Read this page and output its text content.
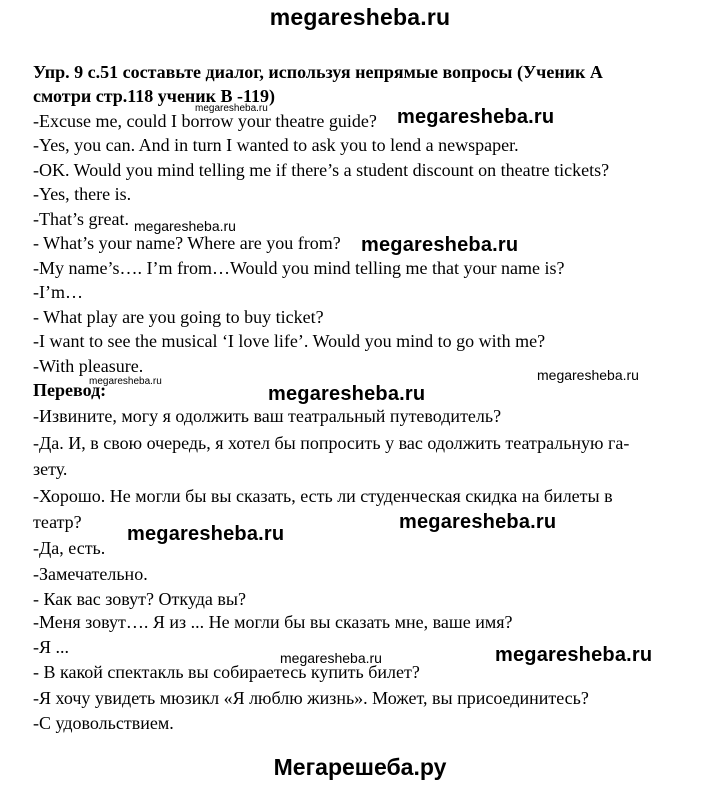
megaresheba.ru
Упр. 9 с.51 составьте диалог, используя непрямые вопросы (Ученик А
смотри стр.118 ученик В -119)
-Excuse me, could I borrow your theatre guide?
-Yes, you can. And in turn I wanted to ask you to lend a newspaper.
-OK. Would you mind telling me if there’s a student discount on theatre tickets?
-Yes, there is.
-That’s great.
- What’s your name? Where are you from?
-My name’s…. I’m from…Would you mind telling me that your name is?
-I’m…
- What play are you going to buy ticket?
-I want to see the musical ‘I love life’. Would you mind to go with me?
-With pleasure.
Перевод:
-Извините, могу я одолжить ваш театральный путеводитель?
-Да. И, в свою очередь, я хотел бы попросить у вас одолжить театральную га-
зету.
-Хорошо. Не могли бы вы сказать, есть ли студенческая скидка на билеты в
театр?
-Да, есть.
-Замечательно.
- Как вас зовут? Откуда вы?
-Меня зовут…. Я из ... Не могли бы вы сказать мне, ваше имя?
-Я ...
- В какой спектакль вы собираетесь купить билет?
-Я хочу увидеть мюзикл «Я люблю жизнь». Может, вы присоединитесь?
-С удовольствием.
megaresheba.ru	megaresheba.ru
megaresheba.ru
megaresheba.ru
megaresheba.ru
megaresheba.ru
megaresheba.ru
megaresheba.ru
megaresheba.ru
megaresheba.ru	megaresheba.ru
Мегарешеба.ру
